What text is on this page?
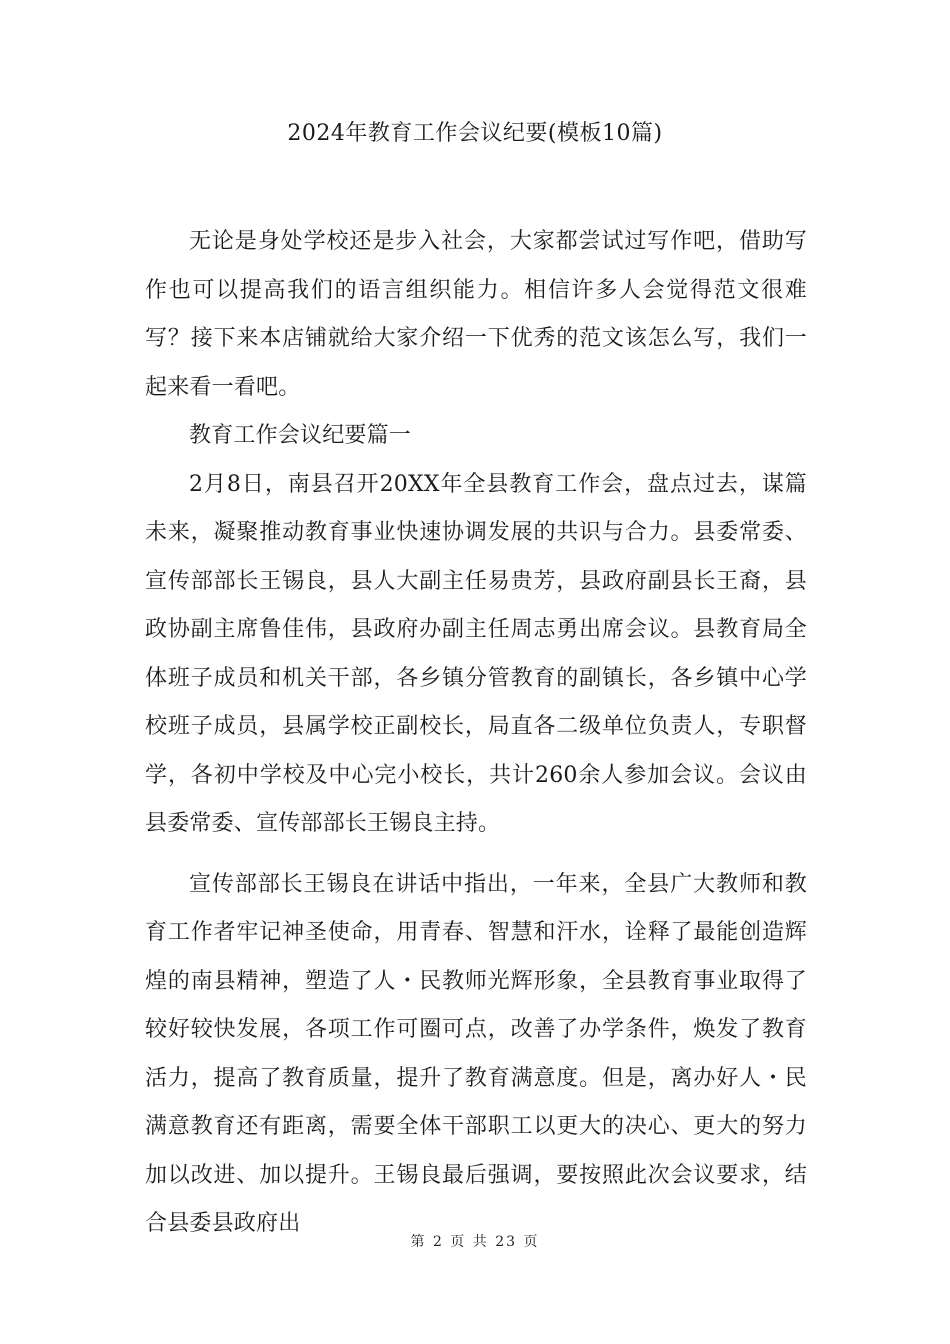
2024年教育工作会议纪要(模板10篇)

无论是身处学校还是步入社会，大家都尝试过写作吧，借助写作也可以提高我们的语言组织能力。相信许多人会觉得范文很难写？接下来本店铺就给大家介绍一下优秀的范文该怎么写，我们一起来看一看吧。

教育工作会议纪要篇一

2月8日，南县召开20XX年全县教育工作会，盘点过去，谋篇未来，凝聚推动教育事业快速协调发展的共识与合力。县委常委、宣传部部长王锡良，县人大副主任易贵芳，县政府副县长王裔，县政协副主席鲁佳伟，县政府办副主任周志勇出席会议。县教育局全体班子成员和机关干部，各乡镇分管教育的副镇长，各乡镇中心学校班子成员，县属学校正副校长，局直各二级单位负责人，专职督学，各初中学校及中心完小校长，共计260余人参加会议。会议由县委常委、宣传部部长王锡良主持。

宣传部部长王锡良在讲话中指出，一年来，全县广大教师和教育工作者牢记神圣使命，用青春、智慧和汗水，诠释了最能创造辉煌的南县精神，塑造了人・民教师光辉形象，全县教育事业取得了较好较快发展，各项工作可圈可点，改善了办学条件，焕发了教育活力，提高了教育质量，提升了教育满意度。但是，离办好人・民满意教育还有距离，需要全体干部职工以更大的决心、更大的努力加以改进、加以提升。王锡良最后强调，要按照此次会议要求，结合县委县政府出

第 2 页 共 23 页
